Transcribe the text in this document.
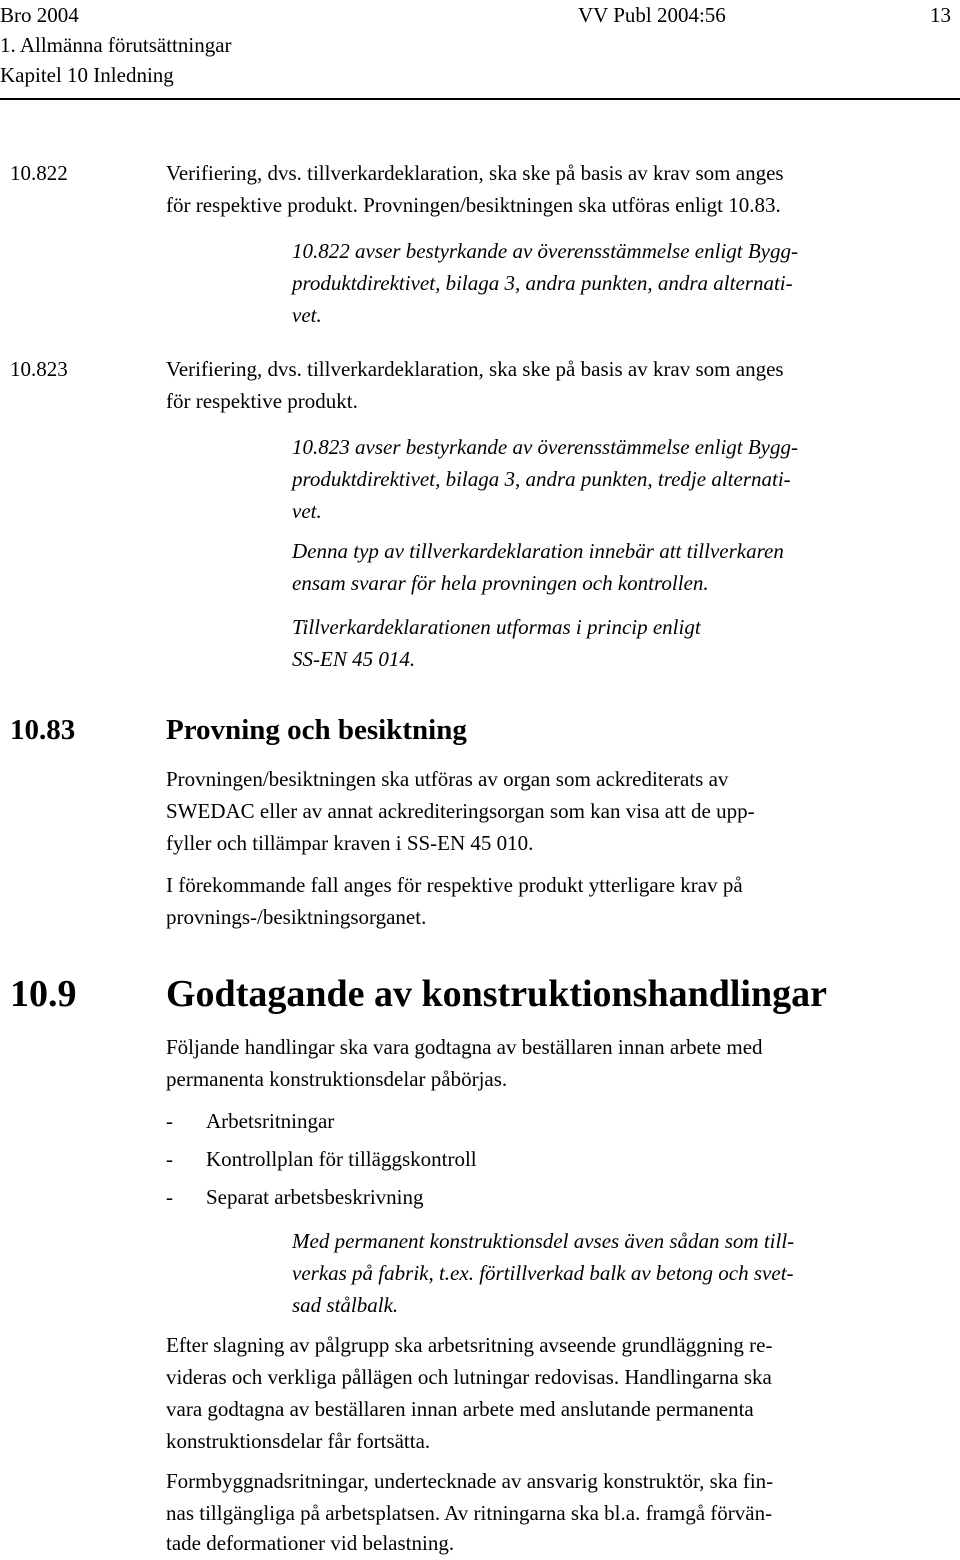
Bro 2004	VV Publ 2004:56	13
1. Allmänna förutsättningar
Kapitel 10 Inledning
10.822	Verifiering, dvs. tillverkardeklaration, ska ske på basis av krav som anges
för respektive produkt. Provningen/besiktningen ska utföras enligt 10.83.
10.822 avser bestyrkande av överensstämmelse enligt Bygg-
produktdirektivet, bilaga 3, andra punkten, andra alternati-
vet.
10.823	Verifiering, dvs. tillverkardeklaration, ska ske på basis av krav som anges
för respektive produkt.
10.823 avser bestyrkande av överensstämmelse enligt Bygg-
produktdirektivet, bilaga 3, andra punkten, tredje alternati-
vet.
Denna typ av tillverkardeklaration innebär att tillverkaren
ensam svarar för hela provningen och kontrollen.
Tillverkardeklarationen utformas i princip enligt
SS-EN 45 014.
10.83	Provning och besiktning
Provningen/besiktningen ska utföras av organ som ackrediterats av
SWEDAC eller av annat ackrediteringsorgan som kan visa att de upp-
fyller och tillämpar kraven i SS-EN 45 010.
I förekommande fall anges för respektive produkt ytterligare krav på
provnings-/besiktningsorganet.
10.9 Godtagande av konstruktionshandlingar
Följande handlingar ska vara godtagna av beställaren innan arbete med
permanenta konstruktionsdelar påbörjas.
- Arbetsritningar
- Kontrollplan för tilläggskontroll
- Separat arbetsbeskrivning
Med permanent konstruktionsdel avses även sådan som till-
verkas på fabrik, t.ex. förtillverkad balk av betong och svet-
sad stålbalk.
Efter slagning av pålgrupp ska arbetsritning avseende grundläggning re-
videras och verkliga pållägen och lutningar redovisas. Handlingarna ska
vara godtagna av beställaren innan arbete med anslutande permanenta
konstruktionsdelar får fortsätta.
Formbyggnadsritningar, undertecknade av ansvarig konstruktör, ska fin-
nas tillgängliga på arbetsplatsen. Av ritningarna ska bl.a. framgå förvän-
tade deformationer vid belastning.
